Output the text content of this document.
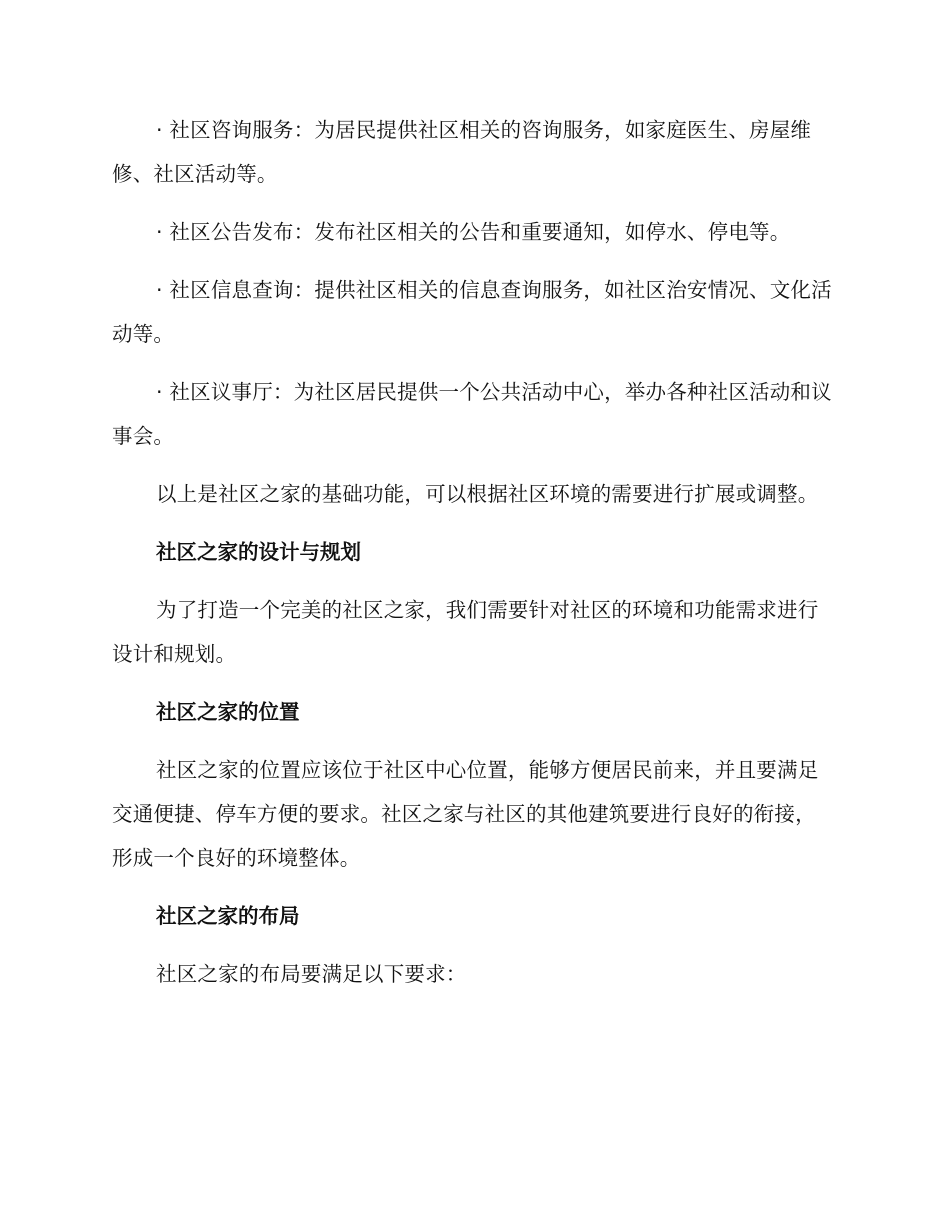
· 社区咨询服务：为居民提供社区相关的咨询服务，如家庭医生、房屋维修、社区活动等。

· 社区公告发布：发布社区相关的公告和重要通知，如停水、停电等。

· 社区信息查询：提供社区相关的信息查询服务，如社区治安情况、文化活动等。

· 社区议事厅：为社区居民提供一个公共活动中心，举办各种社区活动和议事会。

以上是社区之家的基础功能，可以根据社区环境的需要进行扩展或调整。

社区之家的设计与规划

为了打造一个完美的社区之家，我们需要针对社区的环境和功能需求进行设计和规划。

社区之家的位置

社区之家的位置应该位于社区中心位置，能够方便居民前来，并且要满足交通便捷、停车方便的要求。社区之家与社区的其他建筑要进行良好的衔接，形成一个良好的环境整体。

社区之家的布局

社区之家的布局要满足以下要求：
